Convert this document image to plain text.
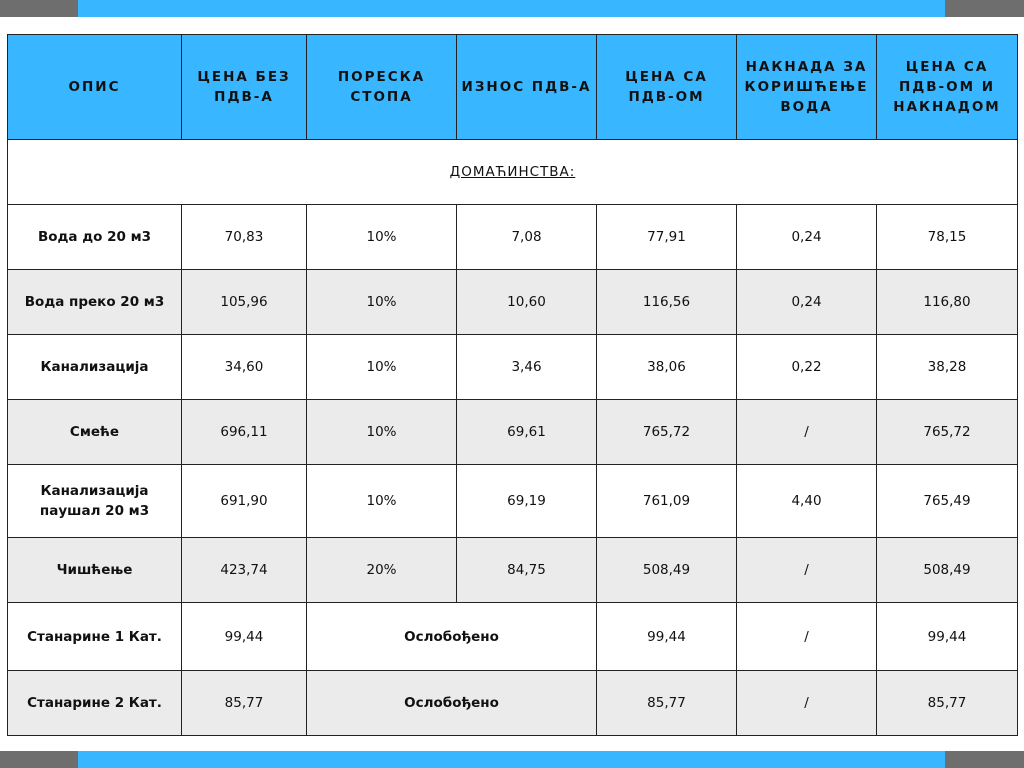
ОПИС	ЦЕНА БЕЗ ПДВ-А	ПОРЕСКА СТОПА	ИЗНОС ПДВ-А	ЦЕНА СА ПДВ-ОМ	НАКНАДА ЗА КОРИШЋЕЊЕ ВОДА	ЦЕНА СА ПДВ-ОМ И НАКНАДОМ
ДОМАЋИНСТВА:						
Вода до 20 м3	70,83	10%	7,08	77,91	0,24	78,15
Вода преко 20 м3	105,96	10%	10,60	116,56	0,24	116,80
Канализација	34,60	10%	3,46	38,06	0,22	38,28
Смеће	696,11	10%	69,61	765,72	/	765,72
Канализација
паушал 20 м3	691,90	10%	69,19	761,09	4,40	765,49
Чишћење	423,74	20%	84,75	508,49	/	508,49
Станарине 1 Кат.	99,44	Ослобођено		99,44	/	99,44
Станарине 2 Кат.	85,77	Ослобођено		85,77	/	85,77
